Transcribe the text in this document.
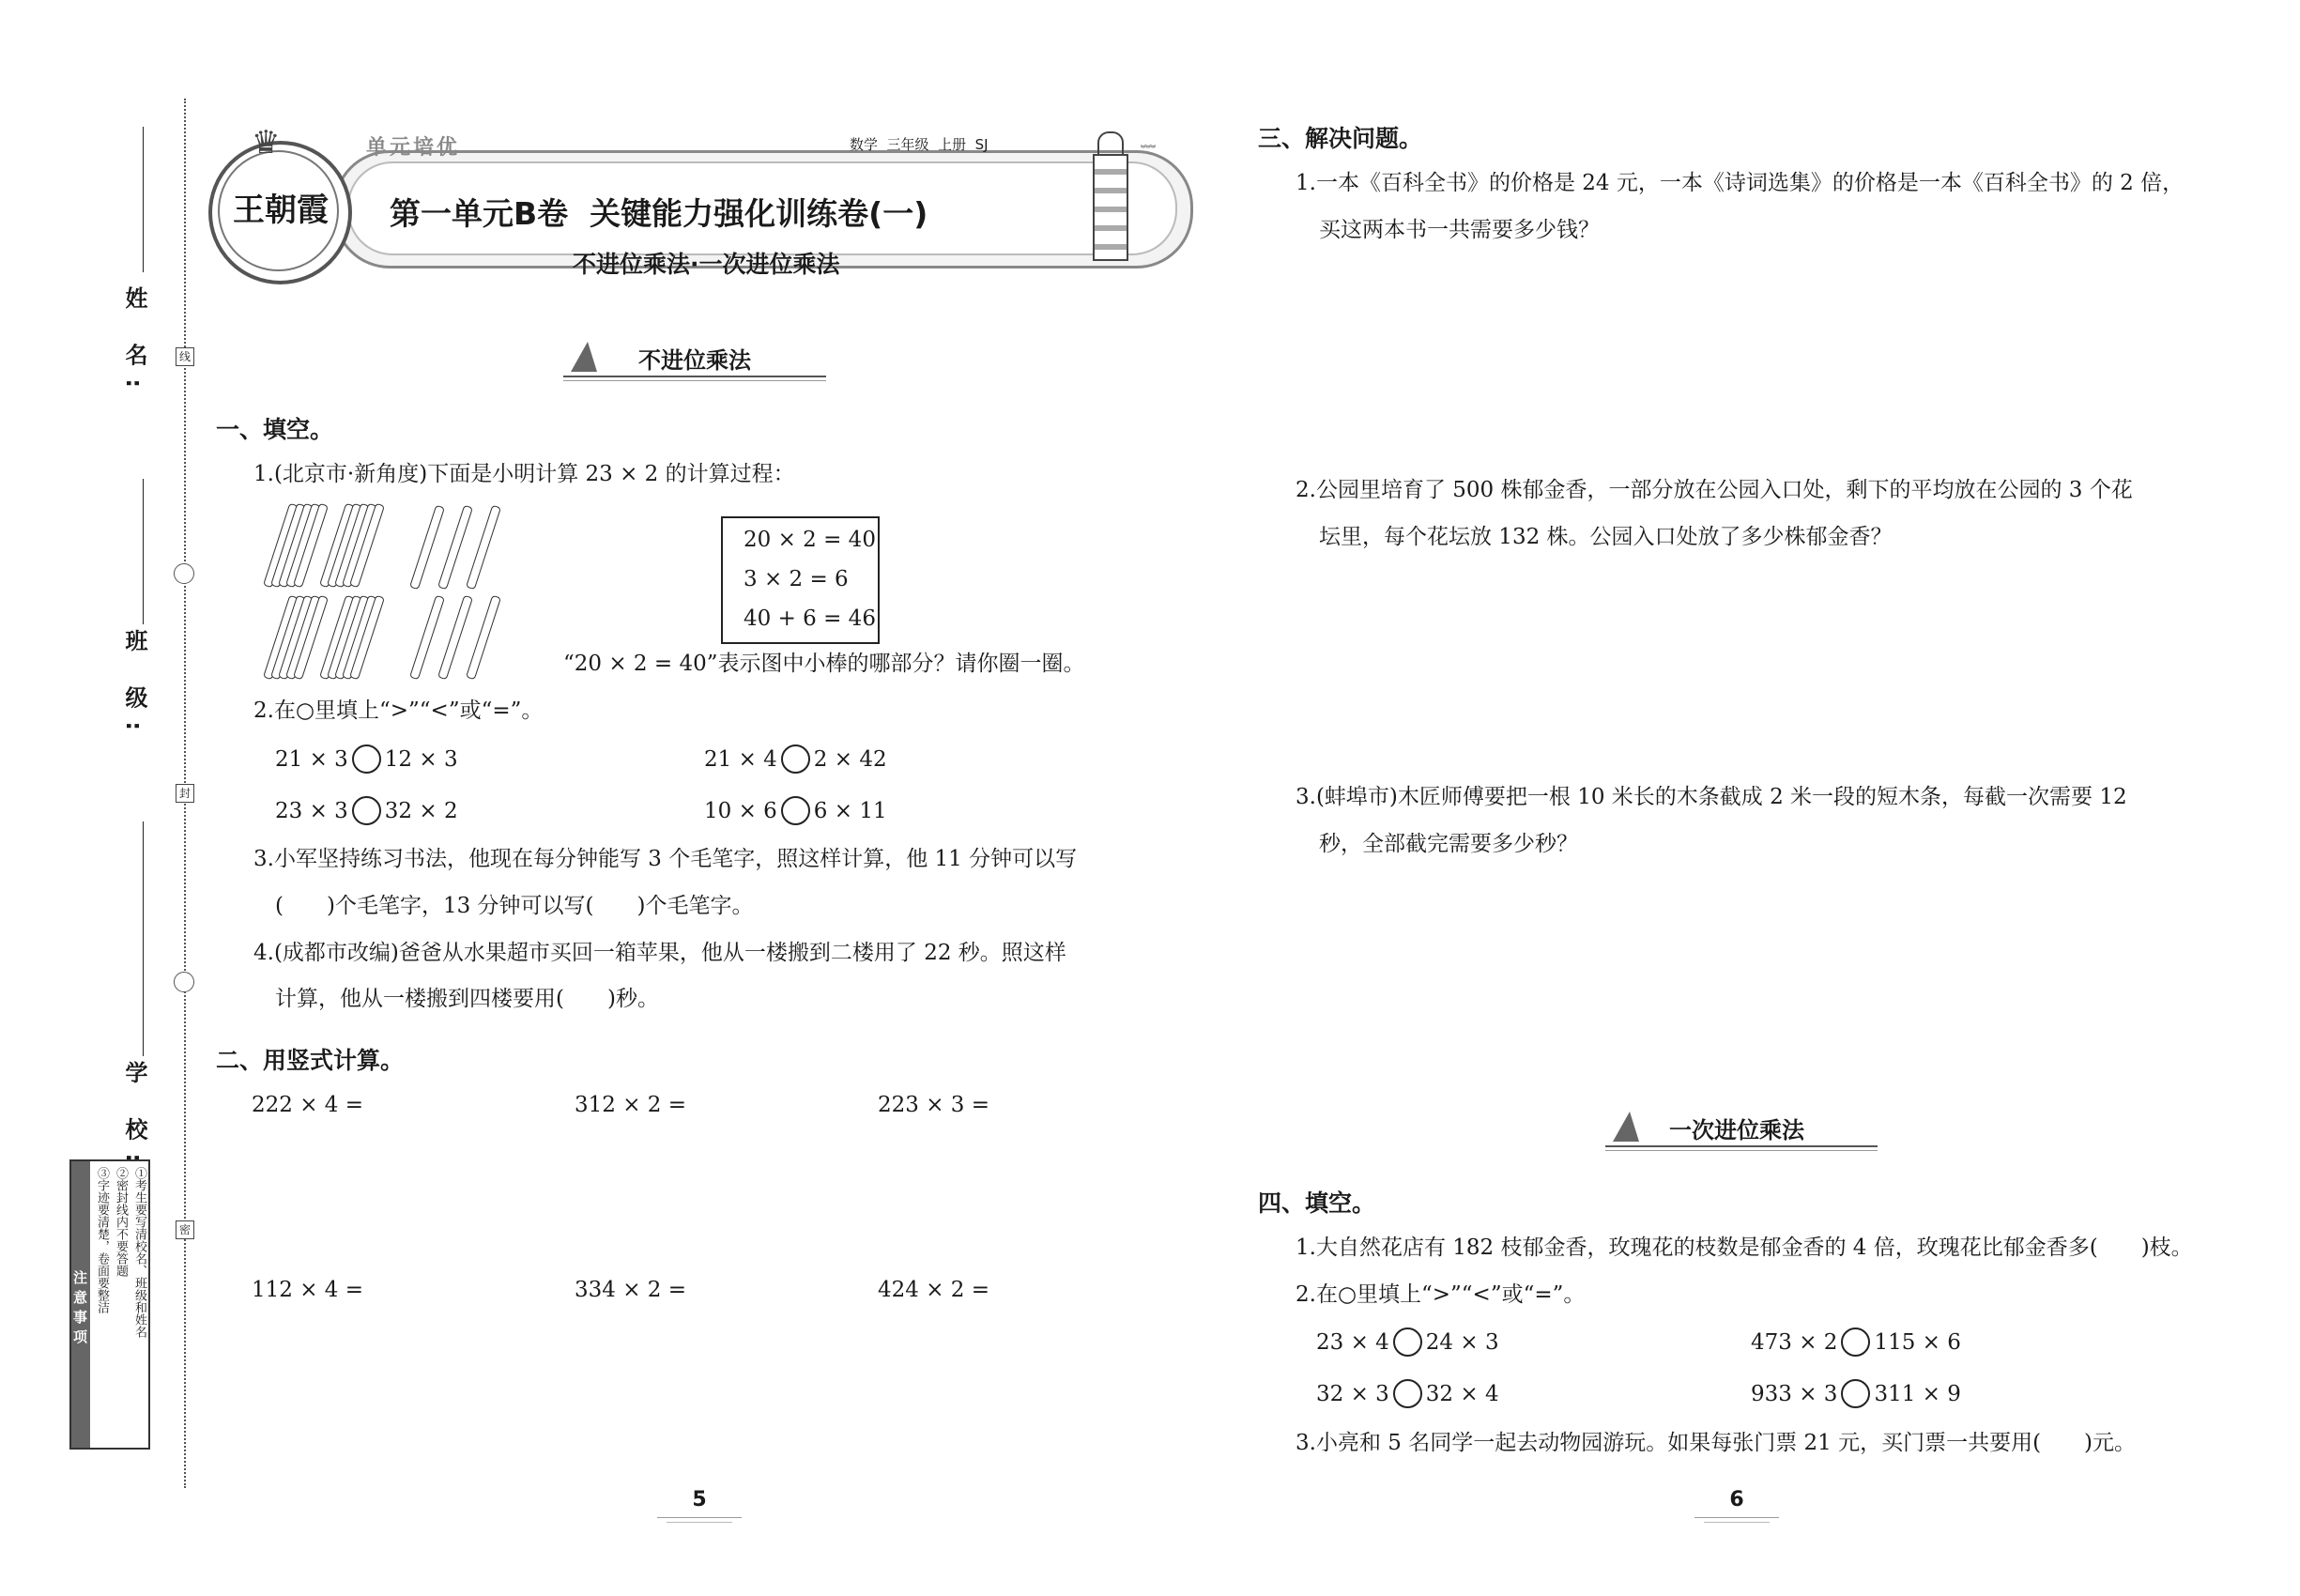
线
封
密
姓 名:
班 级:
学 校:
注意事项	①考生要写清校名、班级和姓名
②密封线内不要答题
③字迹要清楚，卷面要整洁
♛
王朝霞
单元培优	数学  三年级  上册  SJ
第一单元B卷  关键能力强化训练卷(一)
不进位乘法·一次进位乘法
﹌
不进位乘法
一、填空。
1.(北京市·新角度)下面是小明计算 23 × 2 的计算过程：
20 × 2 = 40
3 × 2 = 6
40 + 6 = 46
“20 × 2 = 40”表示图中小棒的哪部分？请你圈一圈。
2.在○里填上“>”“<”或“=”。
21 × 3 12 × 3	21 × 4 2 × 42
23 × 3 32 × 2	10 × 6 6 × 11
3.小军坚持练习书法，他现在每分钟能写 3 个毛笔字，照这样计算，他 11 分钟可以写
(　　)个毛笔字，13 分钟可以写(　　)个毛笔字。
4.(成都市改编)爸爸从水果超市买回一箱苹果，他从一楼搬到二楼用了 22 秒。照这样
计算，他从一楼搬到四楼要用(　　)秒。
二、用竖式计算。
222 × 4 =	312 × 2 =	223 × 3 =
112 × 4 =	334 × 2 =	424 × 2 =
5
三、解决问题。
1.一本《百科全书》的价格是 24 元，一本《诗词选集》的价格是一本《百科全书》的 2 倍，
买这两本书一共需要多少钱？
2.公园里培育了 500 株郁金香，一部分放在公园入口处，剩下的平均放在公园的 3 个花
坛里，每个花坛放 132 株。公园入口处放了多少株郁金香？
3.(蚌埠市)木匠师傅要把一根 10 米长的木条截成 2 米一段的短木条，每截一次需要 12
秒，全部截完需要多少秒？
一次进位乘法
四、填空。
1.大自然花店有 182 枝郁金香，玫瑰花的枝数是郁金香的 4 倍，玫瑰花比郁金香多(　　)枝。
2.在○里填上“>”“<”或“=”。
23 × 4 24 × 3	473 × 2 115 × 6
32 × 3 32 × 4	933 × 3 311 × 9
3.小亮和 5 名同学一起去动物园游玩。如果每张门票 21 元，买门票一共要用(　　)元。
6
